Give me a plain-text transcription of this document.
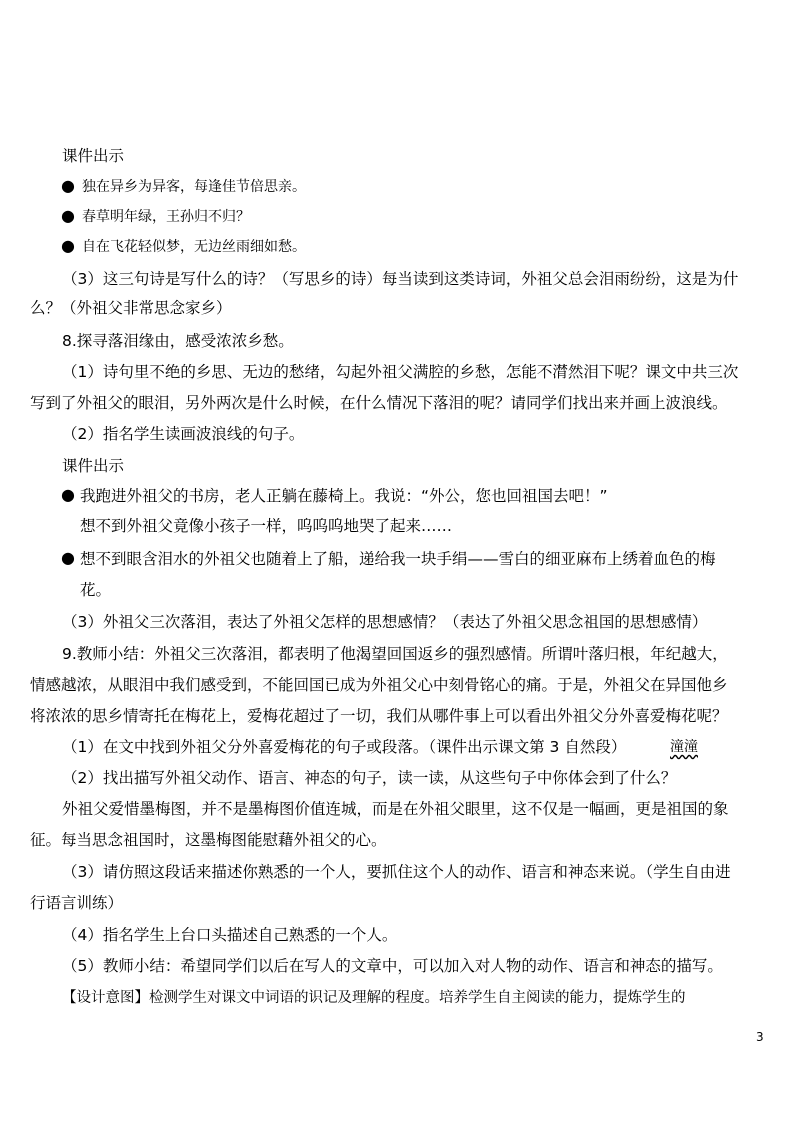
课件出示
● 独在异乡为异客，每逢佳节倍思亲。
● 春草明年绿，王孙归不归？
● 自在飞花轻似梦，无边丝雨细如愁。
（3）这三句诗是写什么的诗？（写思乡的诗）每当读到这类诗词，外祖父总会泪雨纷纷，这是为什
么？（外祖父非常思念家乡）
8.探寻落泪缘由，感受浓浓乡愁。
（1）诗句里不绝的乡思、无边的愁绪，勾起外祖父满腔的乡愁，怎能不潸然泪下呢？课文中共三次
写到了外祖父的眼泪，另外两次是什么时候，在什么情况下落泪的呢？请同学们找出来并画上波浪线。
（2）指名学生读画波浪线的句子。
课件出示
● 我跑进外祖父的书房，老人正躺在藤椅上。我说：“外公，您也回祖国去吧！”
想不到外祖父竟像小孩子一样，呜呜呜地哭了起来……
● 想不到眼含泪水的外祖父也随着上了船，递给我一块手绢——雪白的细亚麻布上绣着血色的梅
花。
（3）外祖父三次落泪，表达了外祖父怎样的思想感情？（表达了外祖父思念祖国的思想感情）
9.教师小结：外祖父三次落泪，都表明了他渴望回国返乡的强烈感情。所谓叶落归根，年纪越大，
情感越浓，从眼泪中我们感受到，不能回国已成为外祖父心中刻骨铭心的痛。于是，外祖父在异国他乡
将浓浓的思乡情寄托在梅花上，爱梅花超过了一切，我们从哪件事上可以看出外祖父分外喜爱梅花呢？
（1）在文中找到外祖父分外喜爱梅花的句子或段落。（课件出示课文第 3 自然段）	潼潼
（2）找出描写外祖父动作、语言、神态的句子，读一读，从这些句子中你体会到了什么？
外祖父爱惜墨梅图，并不是墨梅图价值连城，而是在外祖父眼里，这不仅是一幅画，更是祖国的象
征。每当思念祖国时，这墨梅图能慰藉外祖父的心。
（3）请仿照这段话来描述你熟悉的一个人，要抓住这个人的动作、语言和神态来说。（学生自由进
行语言训练）
（4）指名学生上台口头描述自己熟悉的一个人。
（5）教师小结：希望同学们以后在写人的文章中，可以加入对人物的动作、语言和神态的描写。
【设计意图】检测学生对课文中词语的识记及理解的程度。培养学生自主阅读的能力，提炼学生的
3
